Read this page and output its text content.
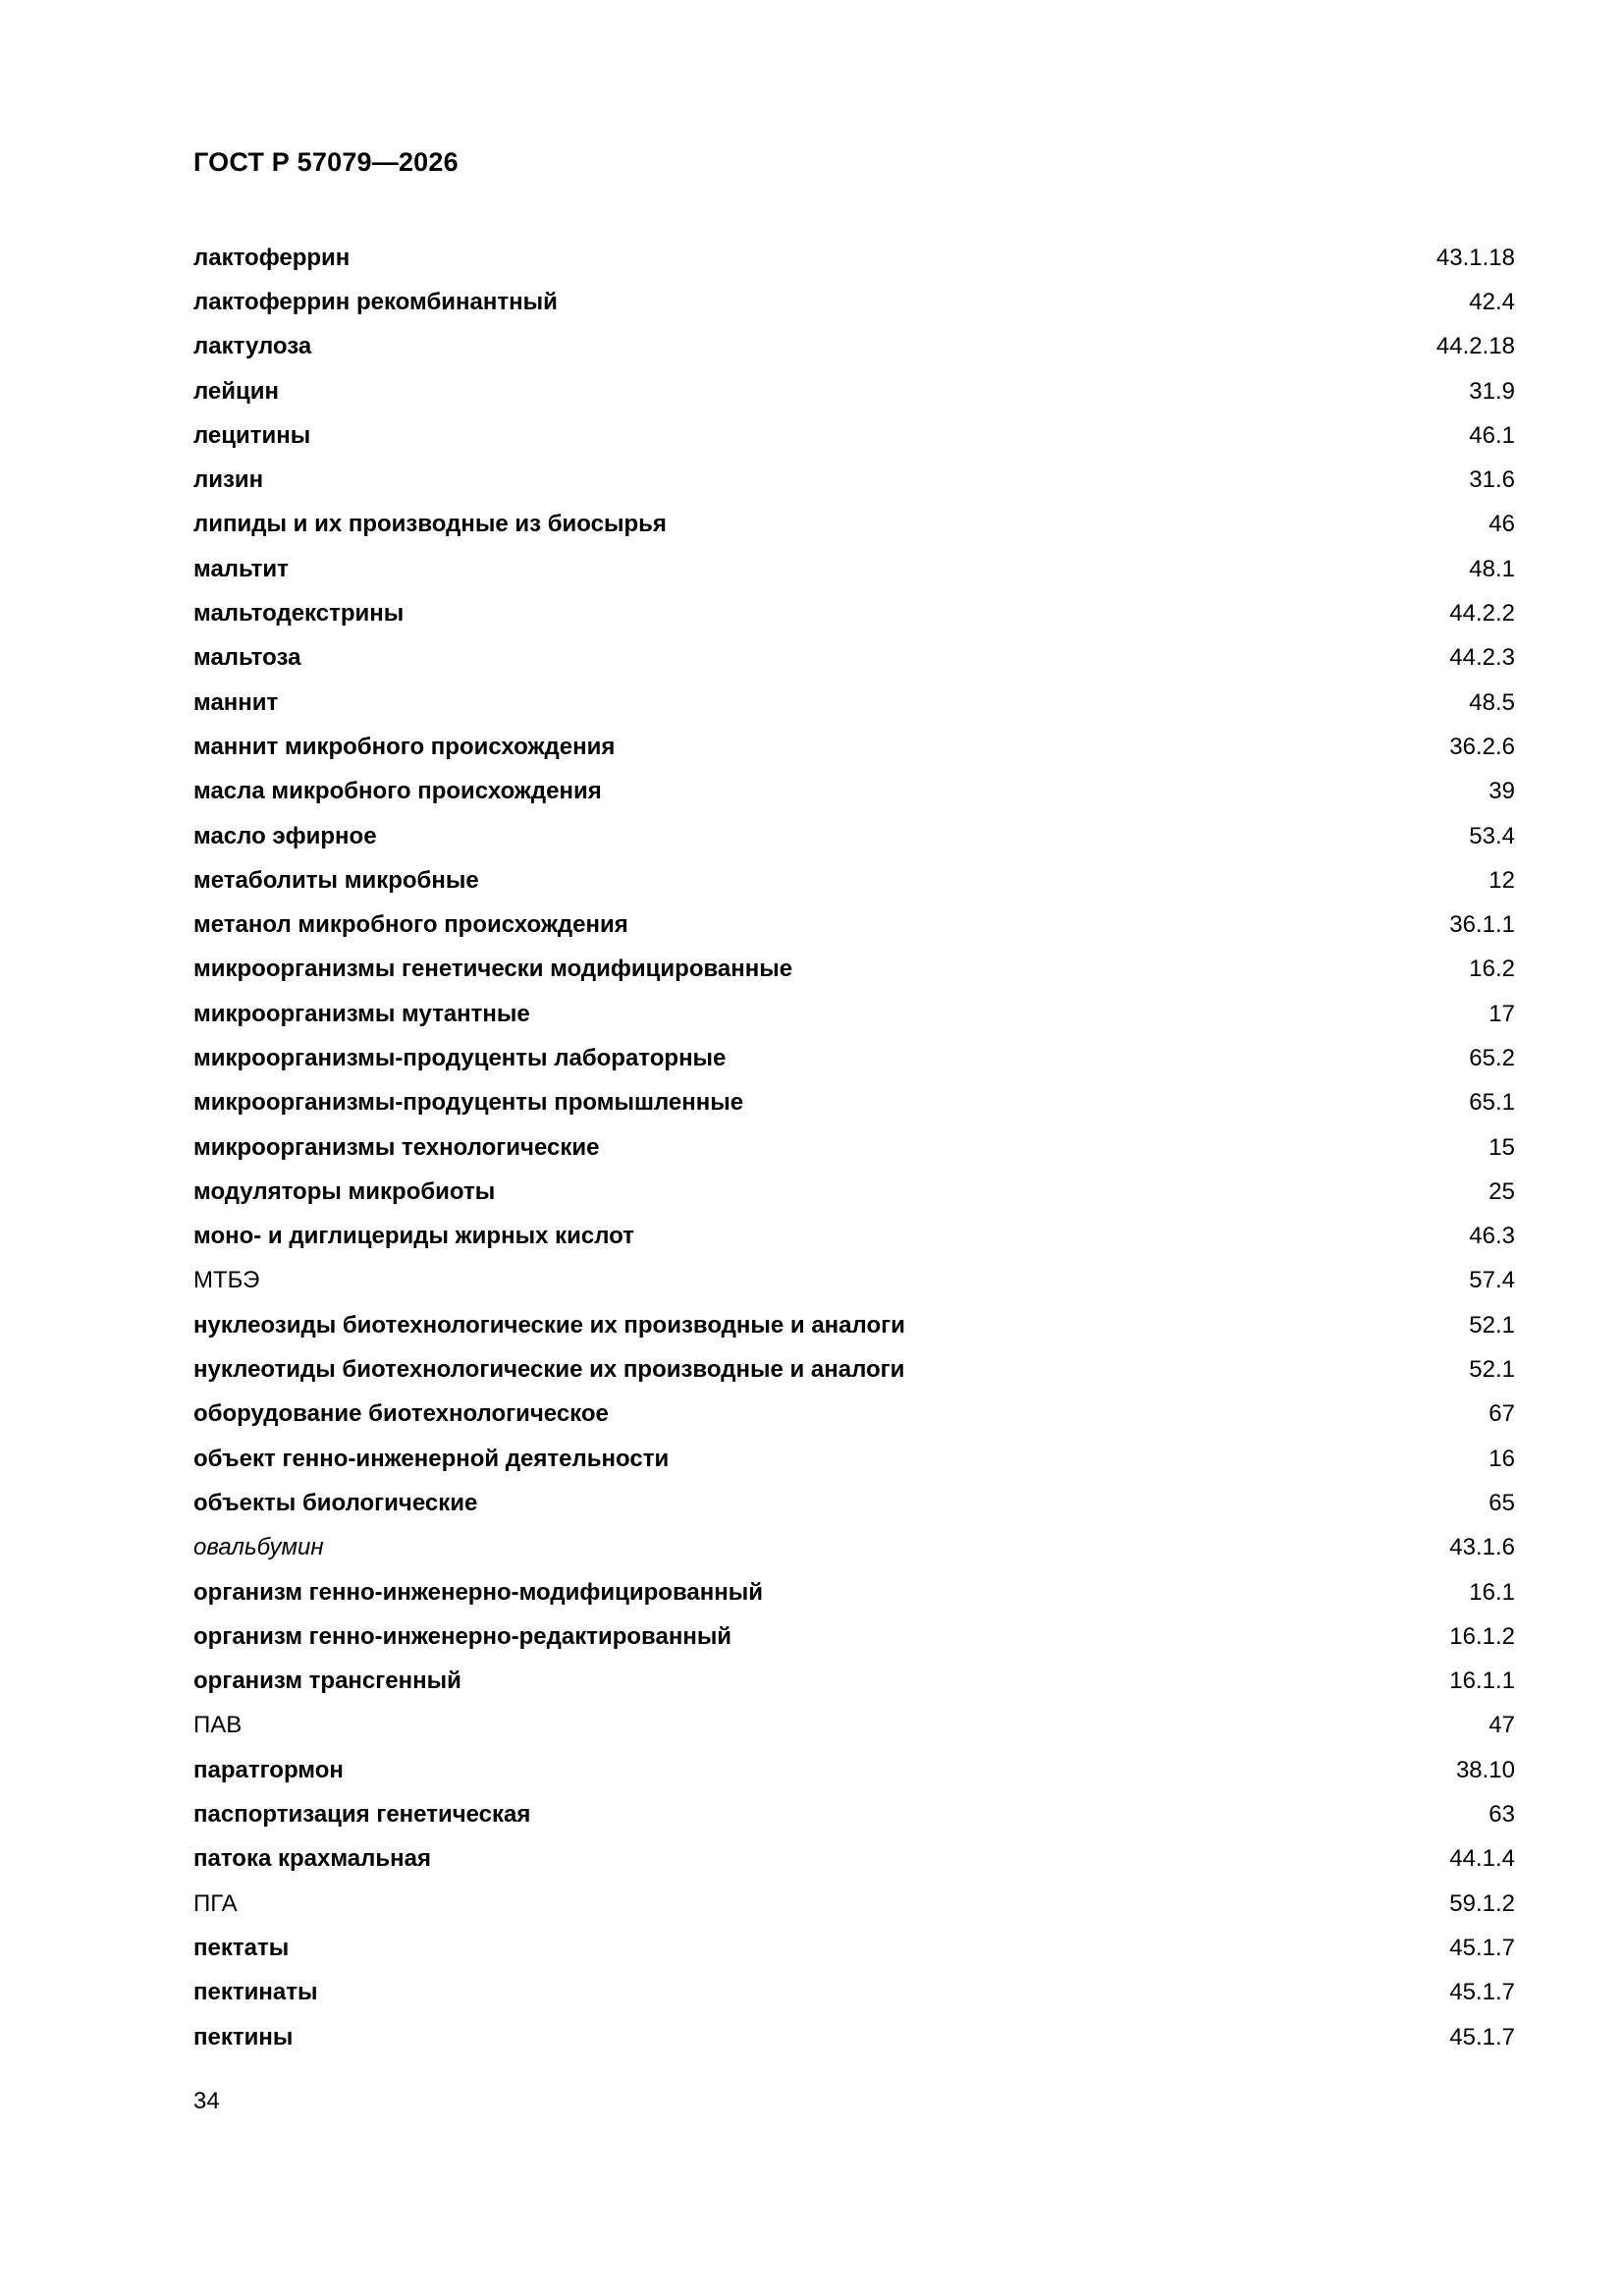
ГОСТ Р 57079—2026
лактоферрин	43.1.18
лактоферрин рекомбинантный	42.4
лактулоза	44.2.18
лейцин	31.9
лецитины	46.1
лизин	31.6
липиды и их производные из биосырья	46
мальтит	48.1
мальтодекстрины	44.2.2
мальтоза	44.2.3
маннит	48.5
маннит микробного происхождения	36.2.6
масла микробного происхождения	39
масло эфирное	53.4
метаболиты микробные	12
метанол микробного происхождения	36.1.1
микроорганизмы генетически модифицированные	16.2
микроорганизмы мутантные	17
микроорганизмы-продуценты лабораторные	65.2
микроорганизмы-продуценты промышленные	65.1
микроорганизмы технологические	15
модуляторы микробиоты	25
моно- и диглицериды жирных кислот	46.3
МТБЭ	57.4
нуклеозиды биотехнологические их производные и аналоги	52.1
нуклеотиды биотехнологические их производные и аналоги	52.1
оборудование биотехнологическое	67
объект генно-инженерной деятельности	16
объекты биологические	65
овальбумин	43.1.6
организм генно-инженерно-модифицированный	16.1
организм генно-инженерно-редактированный	16.1.2
организм трансгенный	16.1.1
ПАВ	47
паратгормон	38.10
паспортизация генетическая	63
патока крахмальная	44.1.4
ПГА	59.1.2
пектаты	45.1.7
пектинаты	45.1.7
пектины	45.1.7
34
